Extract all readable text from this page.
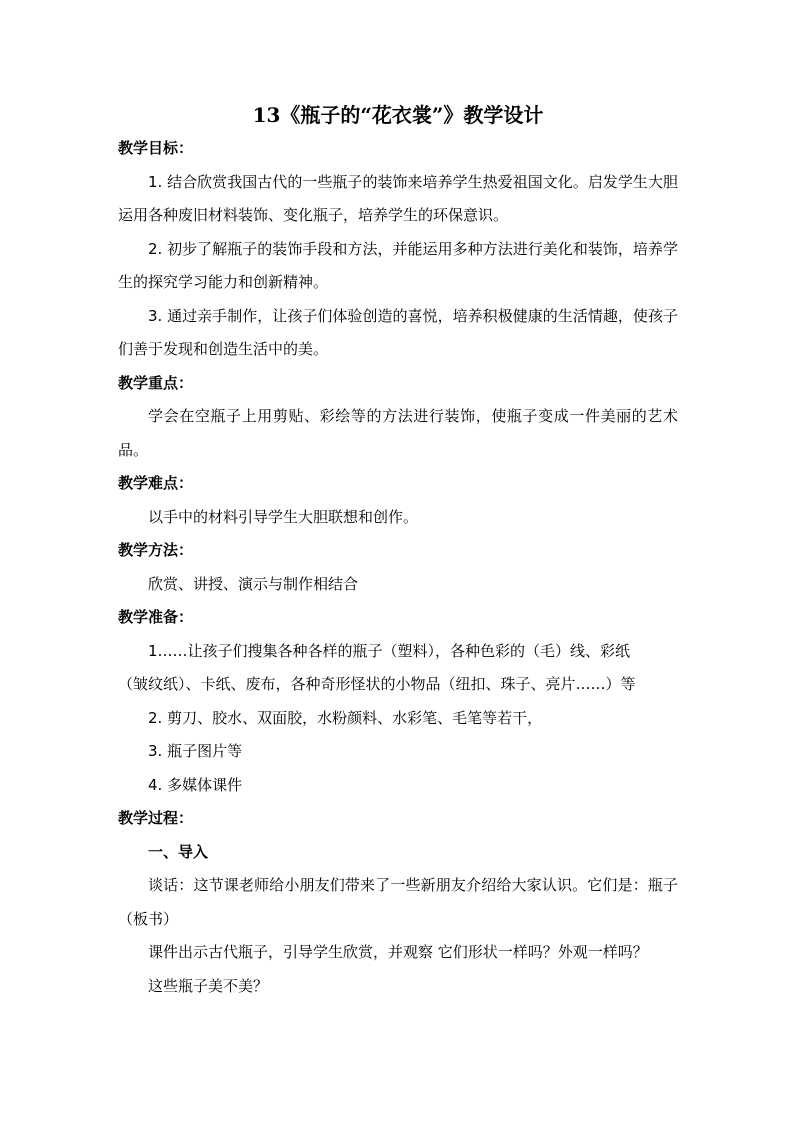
13《瓶子的“花衣裳”》教学设计
教学目标：

1. 结合欣赏我国古代的一些瓶子的装饰来培养学生热爱祖国文化。启发学生大胆运用各种废旧材料装饰、变化瓶子，培养学生的环保意识。

2. 初步了解瓶子的装饰手段和方法，并能运用多种方法进行美化和装饰，培养学生的探究学习能力和创新精神。

3. 通过亲手制作，让孩子们体验创造的喜悦，培养积极健康的生活情趣，使孩子们善于发现和创造生活中的美。

教学重点：

学会在空瓶子上用剪贴、彩绘等的方法进行装饰，使瓶子变成一件美丽的艺术品。

教学难点：

以手中的材料引导学生大胆联想和创作。

教学方法：

欣赏、讲授、演示与制作相结合

教学准备：
1……让孩子们搜集各种各样的瓶子（塑料），各种色彩的（毛）线、彩纸
（皱纹纸）、卡纸、废布，各种奇形怪状的小物品（纽扣、珠子、亮片……）等
2. 剪刀、胶水、双面胶，水粉颜料、水彩笔、毛笔等若干，
3. 瓶子图片等
4. 多媒体课件
教学过程：

一、导入

谈话：这节课老师给小朋友们带来了一些新朋友介绍给大家认识。它们是：瓶子（板书）

课件出示古代瓶子，引导学生欣赏，并观察 它们形状一样吗？外观一样吗？
这些瓶子美不美？
